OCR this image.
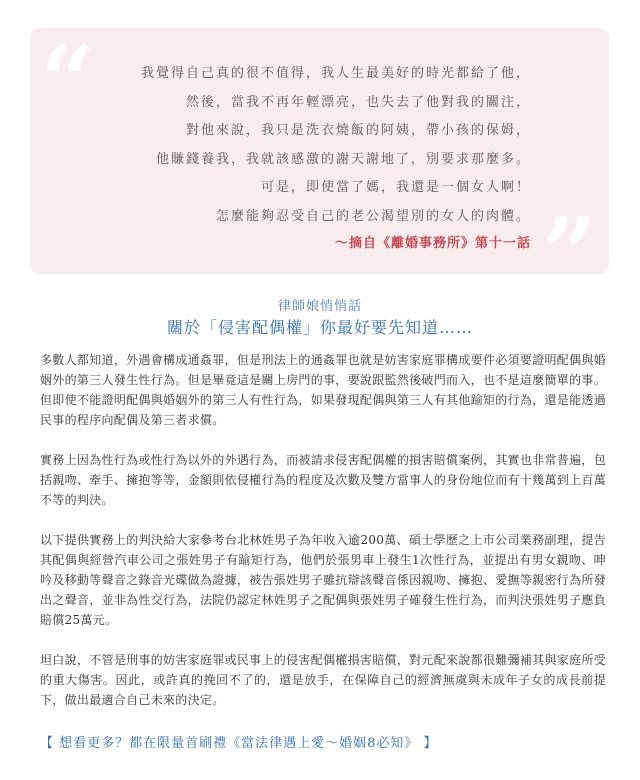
“	我覺得自己真的很不值得，我人生最美好的時光都給了他，
然後，當我不再年輕漂亮，也失去了他對我的關注，
對他來說，我只是洗衣燒飯的阿姨，帶小孩的保姆，
他賺錢養我，我就該感激的謝天謝地了，別要求那麼多。
可是，即使當了媽，我還是一個女人啊！
怎麼能夠忍受自己的老公渴望別的女人的肉體。
～摘自《離婚事務所》第十一話 ”
律師娘悄悄話
關於「侵害配偶權」你最好要先知道……

多數人都知道，外遇會構成通姦罪，但是刑法上的通姦罪也就是妨害家庭罪構成要件必須要證明配偶與婚姻外的第三人發生性行為。但是畢竟這是關上房門的事，要說跟監然後破門而入，也不是這麼簡單的事。但即使不能證明配偶與婚姻外的第三人有性行為，如果發現配偶與第三人有其他踰矩的行為，還是能透過民事的程序向配偶及第三者求償。

實務上因為性行為或性行為以外的外遇行為，而被請求侵害配偶權的損害賠償案例，其實也非常普遍，包括親吻、牽手、擁抱等等，金額則依侵權行為的程度及次數及雙方當事人的身份地位而有十幾萬到上百萬不等的判決。

以下提供實務上的判決給大家參考台北林姓男子為年收入逾200萬、碩士學歷之上市公司業務副理，提告其配偶與經營汽車公司之張姓男子有踰矩行為，他們於張男車上發生1次性行為，並提出有男女親吻、呻吟及移動等聲音之錄音光碟做為證據，被告張姓男子雖抗辯該聲音係因親吻、擁抱、愛撫等親密行為所發出之聲音，並非為性交行為，法院仍認定林姓男子之配偶與張姓男子確發生性行為，而判決張姓男子應負賠償25萬元。

坦白說，不管是刑事的妨害家庭罪或民事上的侵害配偶權損害賠償，對元配來說都很難彌補其與家庭所受的重大傷害。因此，或許真的挽回不了的，還是放手，在保障自己的經濟無虞與未成年子女的成長前提下，做出最適合自己未來的決定。

【 想看更多？都在限量首刷禮《當法律遇上愛～婚姻8必知》 】
